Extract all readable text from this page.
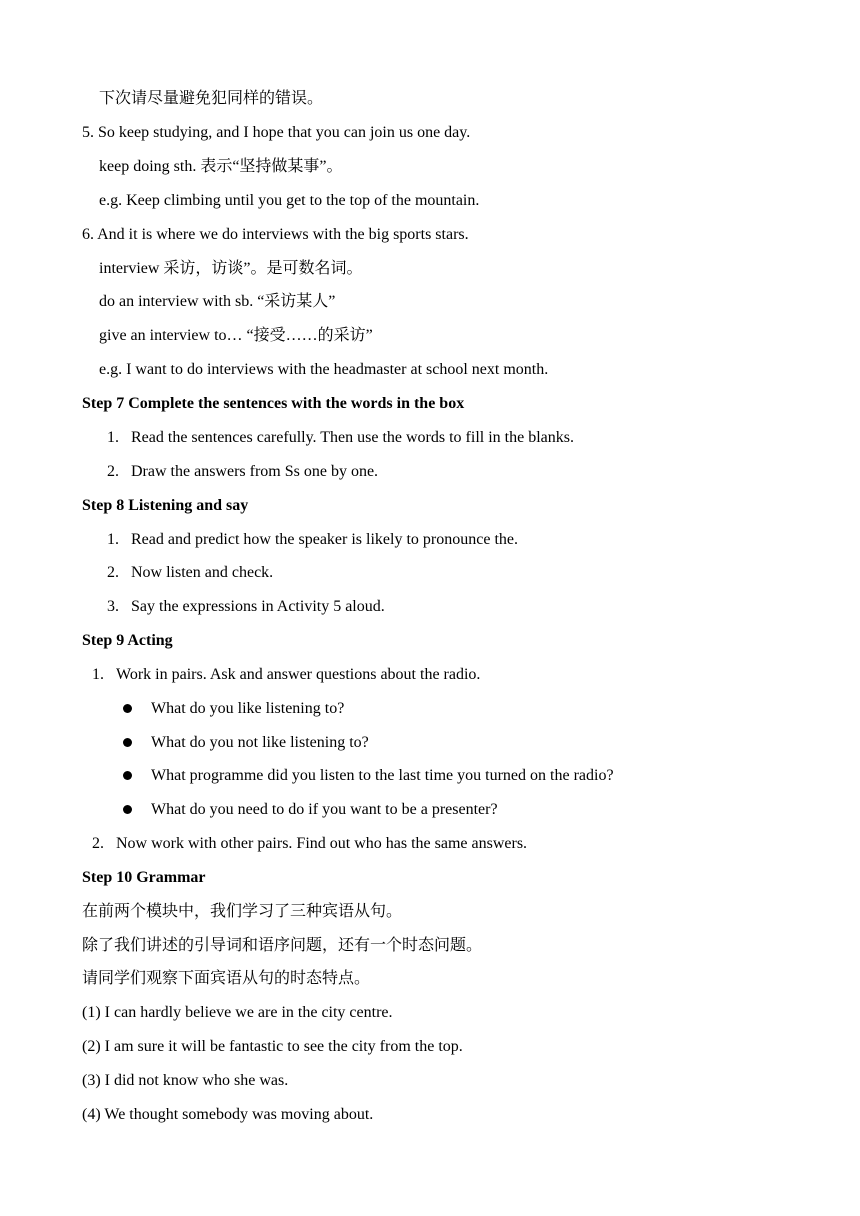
下次请尽量避免犯同样的错误。
5. So keep studying, and I hope that you can join us one day.
keep doing sth. 表示“坚持做某事”。
e.g. Keep climbing until you get to the top of the mountain.
6. And it is where we do interviews with the big sports stars.
interview 采访，访谈”。是可数名词。
do an interview with sb. “采访某人”
give an interview to… “接受……的采访”
e.g. I want to do interviews with the headmaster at school next month.
Step 7 Complete the sentences with the words in the box
1. Read the sentences carefully. Then use the words to fill in the blanks.
2. Draw the answers from Ss one by one.
Step 8 Listening and say
1. Read and predict how the speaker is likely to pronounce the.
2. Now listen and check.
3. Say the expressions in Activity 5 aloud.
Step 9 Acting
1. Work in pairs. Ask and answer questions about the radio.
What do you like listening to?
What do you not like listening to?
What programme did you listen to the last time you turned on the radio?
What do you need to do if you want to be a presenter?
2. Now work with other pairs. Find out who has the same answers.
Step 10 Grammar
在前两个模块中，我们学习了三种宾语从句。
除了我们讲述的引导词和语序问题，还有一个时态问题。
请同学们观察下面宾语从句的时态特点。
(1) I can hardly believe we are in the city centre.
(2) I am sure it will be fantastic to see the city from the top.
(3) I did not know who she was.
(4) We thought somebody was moving about.
